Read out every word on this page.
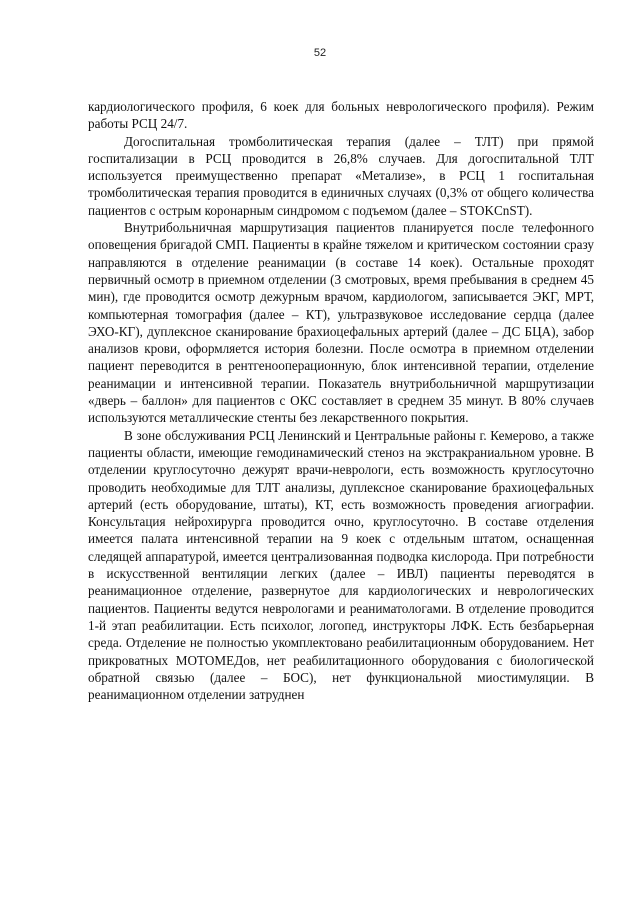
52

кардиологического профиля, 6 коек для больных неврологического профиля). Режим работы РСЦ 24/7.

Догоспитальная тромболитическая терапия (далее – ТЛТ) при прямой госпитализации в РСЦ проводится в 26,8% случаев. Для догоспитальной ТЛТ используется преимущественно препарат «Метализе», в РСЦ 1 госпитальная тромболитическая терапия проводится в единичных случаях (0,3% от общего количества пациентов с острым коронарным синдромом с подъемом (далее – STOKCnST).

Внутрибольничная маршрутизация пациентов планируется после телефонного оповещения бригадой СМП. Пациенты в крайне тяжелом и критическом состоянии сразу направляются в отделение реанимации (в составе 14 коек). Остальные проходят первичный осмотр в приемном отделении (3 смотровых, время пребывания в среднем 45 мин), где проводится осмотр дежурным врачом, кардиологом, записывается ЭКГ, МРТ, компьютерная томография (далее – КТ), ультразвуковое исследование сердца (далее ЭХО-КГ), дуплексное сканирование брахиоцефальных артерий (далее – ДС БЦА), забор анализов крови, оформляется история болезни. После осмотра в приемном отделении пациент переводится в рентгенооперационную, блок интенсивной терапии, отделение реанимации и интенсивной терапии. Показатель внутрибольничной маршрутизации «дверь – баллон» для пациентов с ОКС составляет в среднем 35 минут. В 80% случаев используются металлические стенты без лекарственного покрытия.

В зоне обслуживания РСЦ Ленинский и Центральные районы г. Кемерово, а также пациенты области, имеющие гемодинамический стеноз на экстракраниальном уровне. В отделении круглосуточно дежурят врачи-неврологи, есть возможность круглосуточно проводить необходимые для ТЛТ анализы, дуплексное сканирование брахиоцефальных артерий (есть оборудование, штаты), КТ, есть возможность проведения агиографии. Консультация нейрохирурга проводится очно, круглосуточно. В составе отделения имеется палата интенсивной терапии на 9 коек с отдельным штатом, оснащенная следящей аппаратурой, имеется централизованная подводка кислорода. При потребности в искусственной вентиляции легких (далее – ИВЛ) пациенты переводятся в реанимационное отделение, развернутое для кардиологических и неврологических пациентов. Пациенты ведутся неврологами и реаниматологами. В отделение проводится 1-й этап реабилитации. Есть психолог, логопед, инструкторы ЛФК. Есть безбарьерная среда. Отделение не полностью укомплектовано реабилитационным оборудованием. Нет прикроватных МОТОМЕДов, нет реабилитационного оборудования с биологической обратной связью (далее – БОС), нет функциональной миостимуляции. В реанимационном отделении затруднен
